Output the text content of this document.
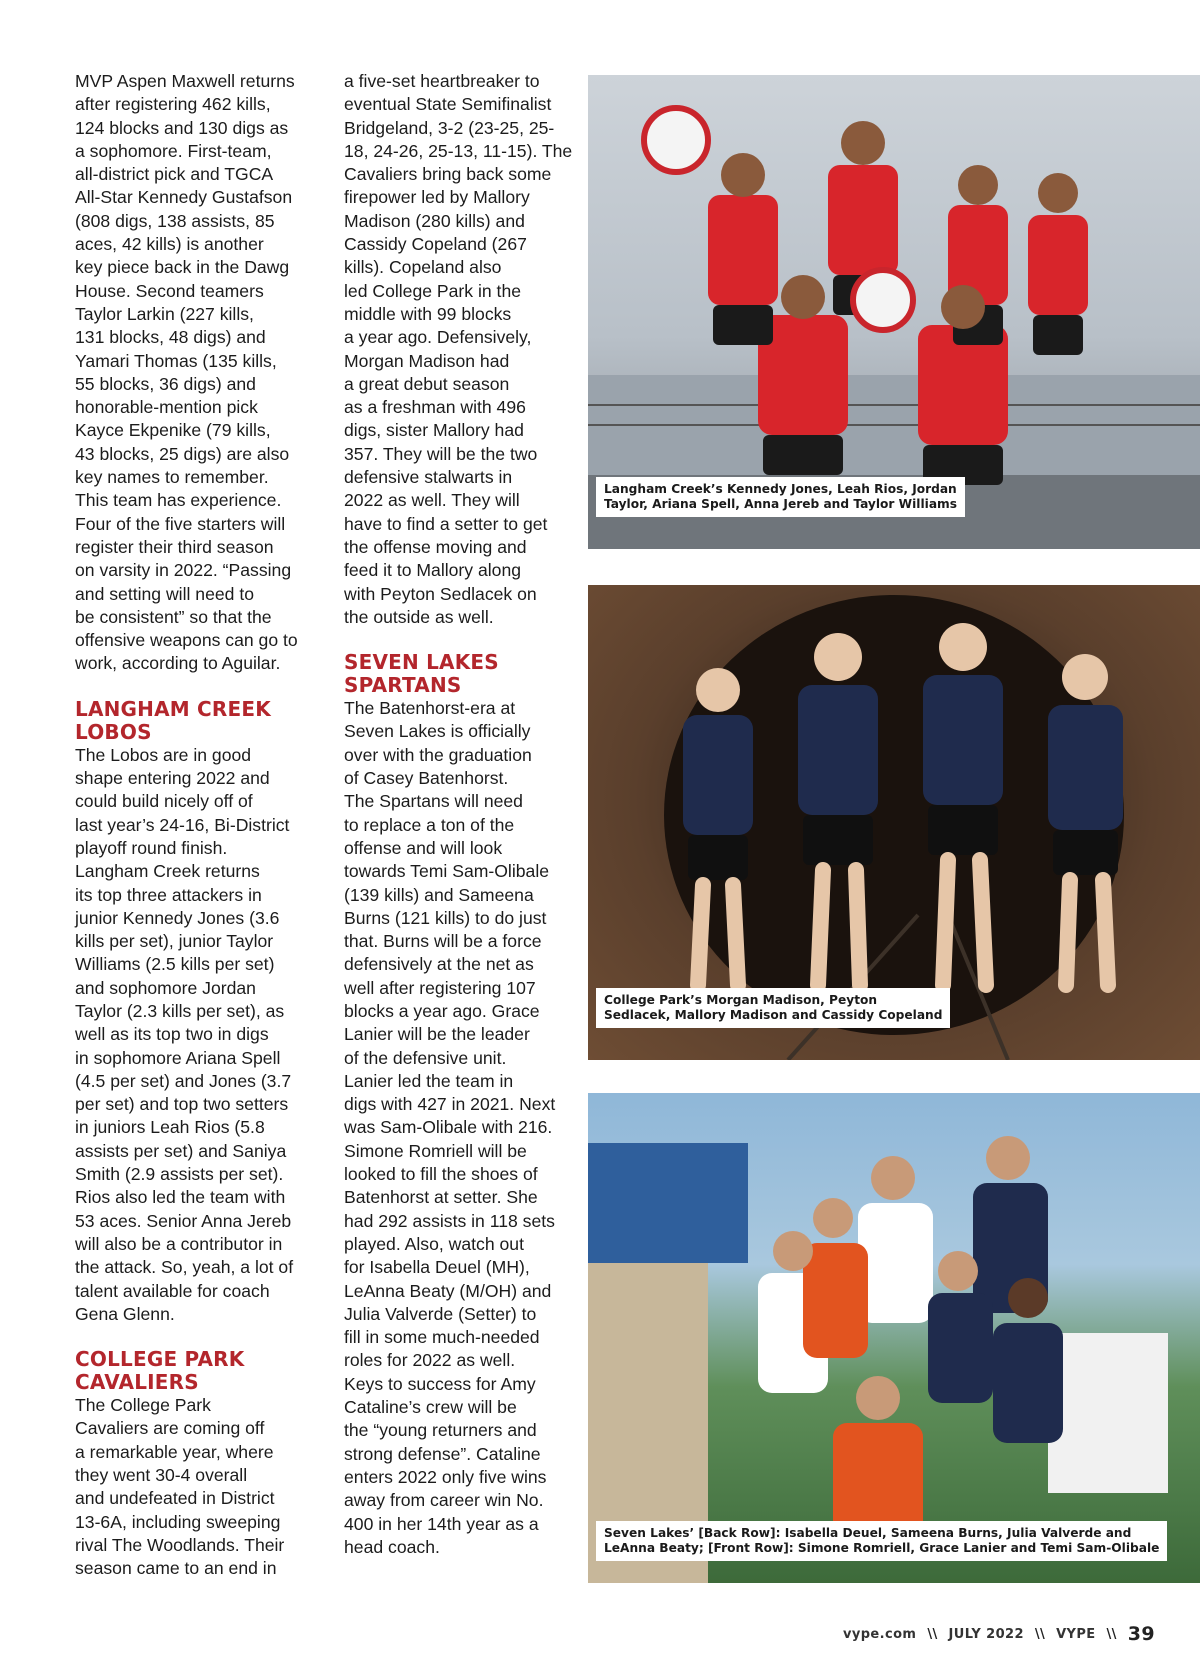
MVP Aspen Maxwell returns
after registering 462 kills,
124 blocks and 130 digs as
a sophomore. First-team,
all-district pick and TGCA
All-Star Kennedy Gustafson
(808 digs, 138 assists, 85
aces, 42 kills) is another
key piece back in the Dawg
House. Second teamers
Taylor Larkin (227 kills,
131 blocks, 48 digs) and
Yamari Thomas (135 kills,
55 blocks, 36 digs) and
honorable-mention pick
Kayce Ekpenike (79 kills,
43 blocks, 25 digs) are also
key names to remember.
This team has experience.
Four of the five starters will
register their third season
on varsity in 2022. “Passing
and setting will need to
be consistent” so that the
offensive weapons can go to
work, according to Aguilar.
LANGHAM CREEK
LOBOS
The Lobos are in good
shape entering 2022 and
could build nicely off of
last year’s 24-16, Bi-District
playoff round finish.
Langham Creek returns
its top three attackers in
junior Kennedy Jones (3.6
kills per set), junior Taylor
Williams (2.5 kills per set)
and sophomore Jordan
Taylor (2.3 kills per set), as
well as its top two in digs
in sophomore Ariana Spell
(4.5 per set) and Jones (3.7
per set) and top two setters
in juniors Leah Rios (5.8
assists per set) and Saniya
Smith (2.9 assists per set).
Rios also led the team with
53 aces. Senior Anna Jereb
will also be a contributor in
the attack. So, yeah, a lot of
talent available for coach
Gena Glenn.
COLLEGE PARK
CAVALIERS
The College Park
Cavaliers are coming off
a remarkable year, where
they went 30-4 overall
and undefeated in District
13-6A, including sweeping
rival The Woodlands. Their
season came to an end in
a five-set heartbreaker to
eventual State Semifinalist
Bridgeland, 3-2 (23-25, 25-
18, 24-26, 25-13, 11-15). The
Cavaliers bring back some
firepower led by Mallory
Madison (280 kills) and
Cassidy Copeland (267
kills). Copeland also
led College Park in the
middle with 99 blocks
a year ago. Defensively,
Morgan Madison had
a great debut season
as a freshman with 496
digs, sister Mallory had
357. They will be the two
defensive stalwarts in
2022 as well. They will
have to find a setter to get
the offense moving and
feed it to Mallory along
with Peyton Sedlacek on
the outside as well.
SEVEN LAKES
SPARTANS
The Batenhorst-era at
Seven Lakes is officially
over with the graduation
of Casey Batenhorst.
The Spartans will need
to replace a ton of the
offense and will look
towards Temi Sam-Olibale
(139 kills) and Sameena
Burns (121 kills) to do just
that. Burns will be a force
defensively at the net as
well after registering 107
blocks a year ago. Grace
Lanier will be the leader
of the defensive unit.
Lanier led the team in
digs with 427 in 2021. Next
was Sam-Olibale with 216.
Simone Romriell will be
looked to fill the shoes of
Batenhorst at setter. She
had 292 assists in 118 sets
played. Also, watch out
for Isabella Deuel (MH),
LeAnna Beaty (M/OH) and
Julia Valverde (Setter) to
fill in some much-needed
roles for 2022 as well.
Keys to success for Amy
Cataline’s crew will be
the “young returners and
strong defense”. Cataline
enters 2022 only five wins
away from career win No.
400 in her 14th year as a
head coach.
Langham Creek’s Kennedy Jones, Leah Rios, Jordan
Taylor, Ariana Spell, Anna Jereb and Taylor Williams
College Park’s Morgan Madison, Peyton
Sedlacek, Mallory Madison and Cassidy Copeland
Seven Lakes’ [Back Row]: Isabella Deuel, Sameena Burns, Julia Valverde and
LeAnna Beaty; [Front Row]: Simone Romriell, Grace Lanier and Temi Sam-Olibale
vype.com \\ JULY 2022 \\ VYPE \\ 39
